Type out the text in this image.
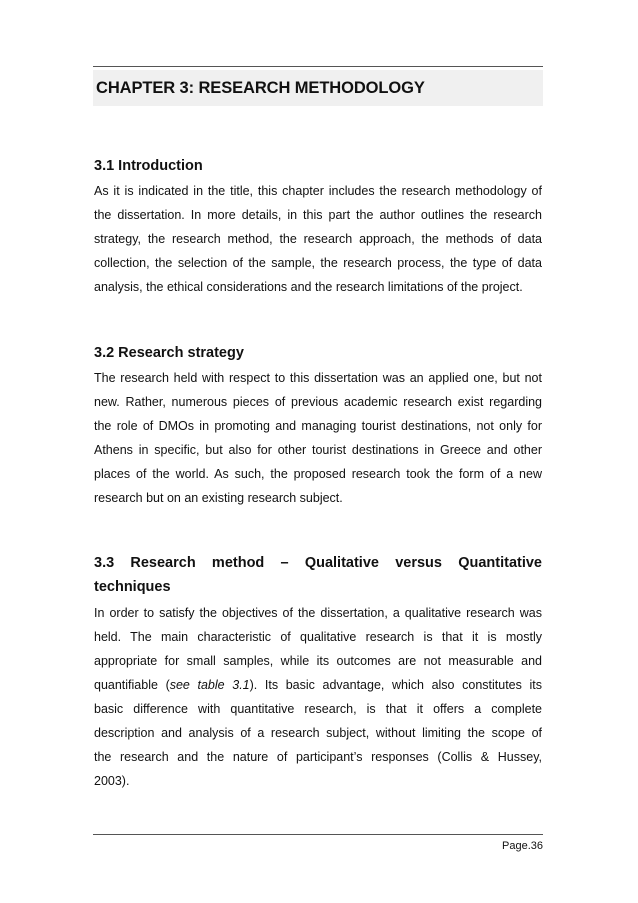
CHAPTER 3: RESEARCH METHODOLOGY
3.1 Introduction
As it is indicated in the title, this chapter includes the research methodology of
the dissertation. In more details, in this part the author outlines the research
strategy, the research method, the research approach, the methods of data
collection, the selection of the sample, the research process, the type of data
analysis, the ethical considerations and the research limitations of the project.
3.2 Research strategy
The research held with respect to this dissertation was an applied one, but not
new. Rather, numerous pieces of previous academic research exist regarding
the role of DMOs in promoting and managing tourist destinations, not only for
Athens in specific, but also for other tourist destinations in Greece and other
places of the world. As such, the proposed research took the form of a new
research but on an existing research subject.
3.3 Research method – Qualitative versus Quantitative
techniques
In order to satisfy the objectives of the dissertation, a qualitative research was
held. The main characteristic of qualitative research is that it is mostly
appropriate for small samples, while its outcomes are not measurable and
quantifiable (see table 3.1). Its basic advantage, which also constitutes its
basic difference with quantitative research, is that it offers a complete
description and analysis of a research subject, without limiting the scope of
the research and the nature of participant’s responses (Collis & Hussey,
2003).
Page.36
